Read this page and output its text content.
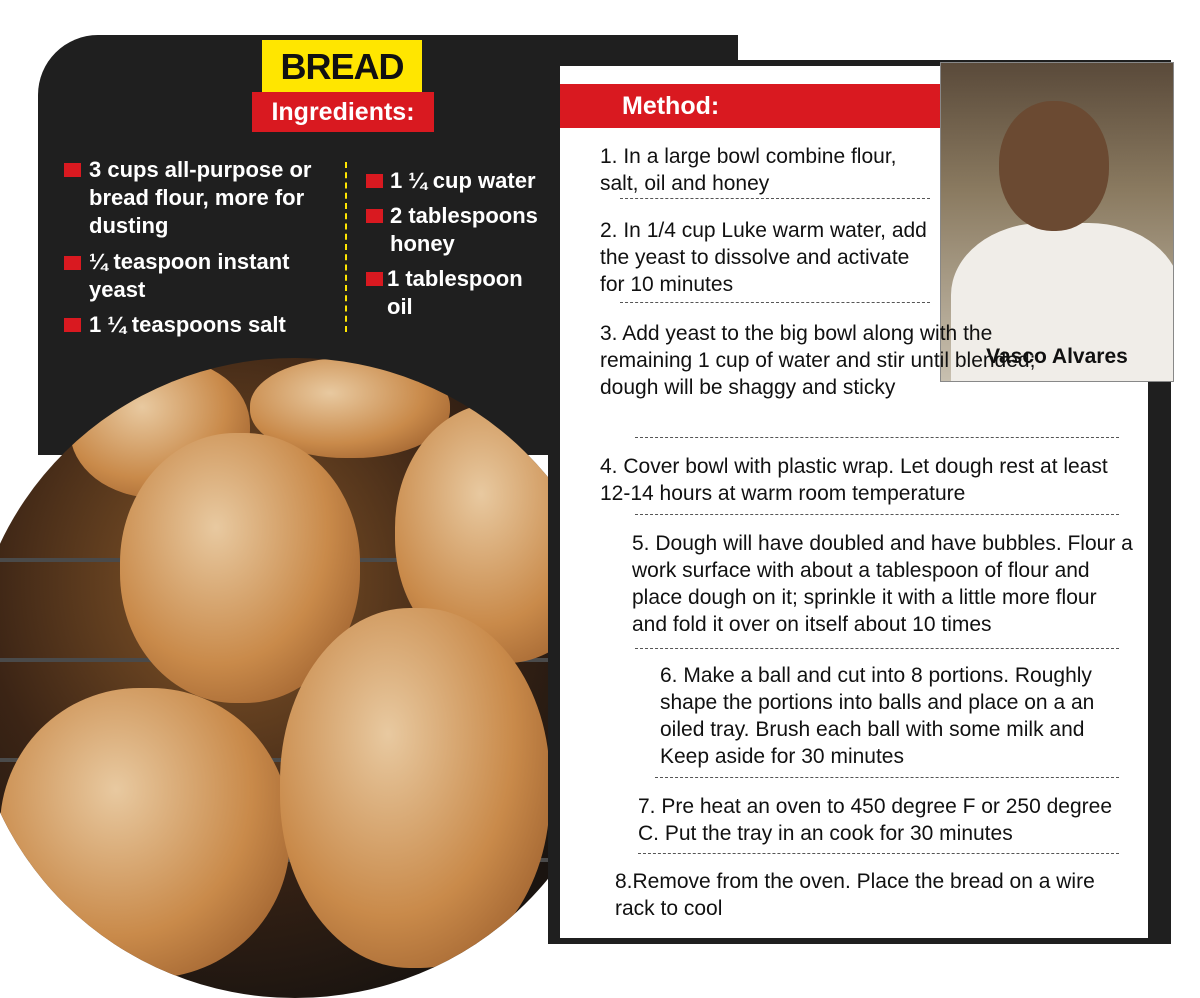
BREAD
Ingredients:
3 cups all-purpose or bread flour, more for dusting
¼ teaspoon instant yeast
1 ¼ teaspoons salt
1 ¼ cup water
2 tablespoons honey
1 tablespoon oil
Method:
Vasco Alvares
1. In a large bowl combine flour, salt, oil and honey
2. In 1/4 cup Luke warm water, add the yeast to dissolve and activate for 10 minutes
3. Add yeast to the big bowl along with the remaining 1 cup of water and stir until blended; dough will be shaggy and sticky
4. Cover bowl with plastic wrap. Let dough rest at least 12-14 hours at warm room temperature
5. Dough will have doubled and have bubbles. Flour a work surface with about a tablespoon of flour and place dough on it; sprinkle it with a little more flour and fold it over on itself about 10 times
6. Make a ball and cut into 8 portions. Roughly shape the portions into balls and place on a an oiled tray. Brush each ball with some milk and Keep aside for 30 minutes
7. Pre heat an oven to 450 degree F or 250 degree C. Put the tray in an cook for 30 minutes
8.Remove from the oven. Place the bread on a wire rack to cool
